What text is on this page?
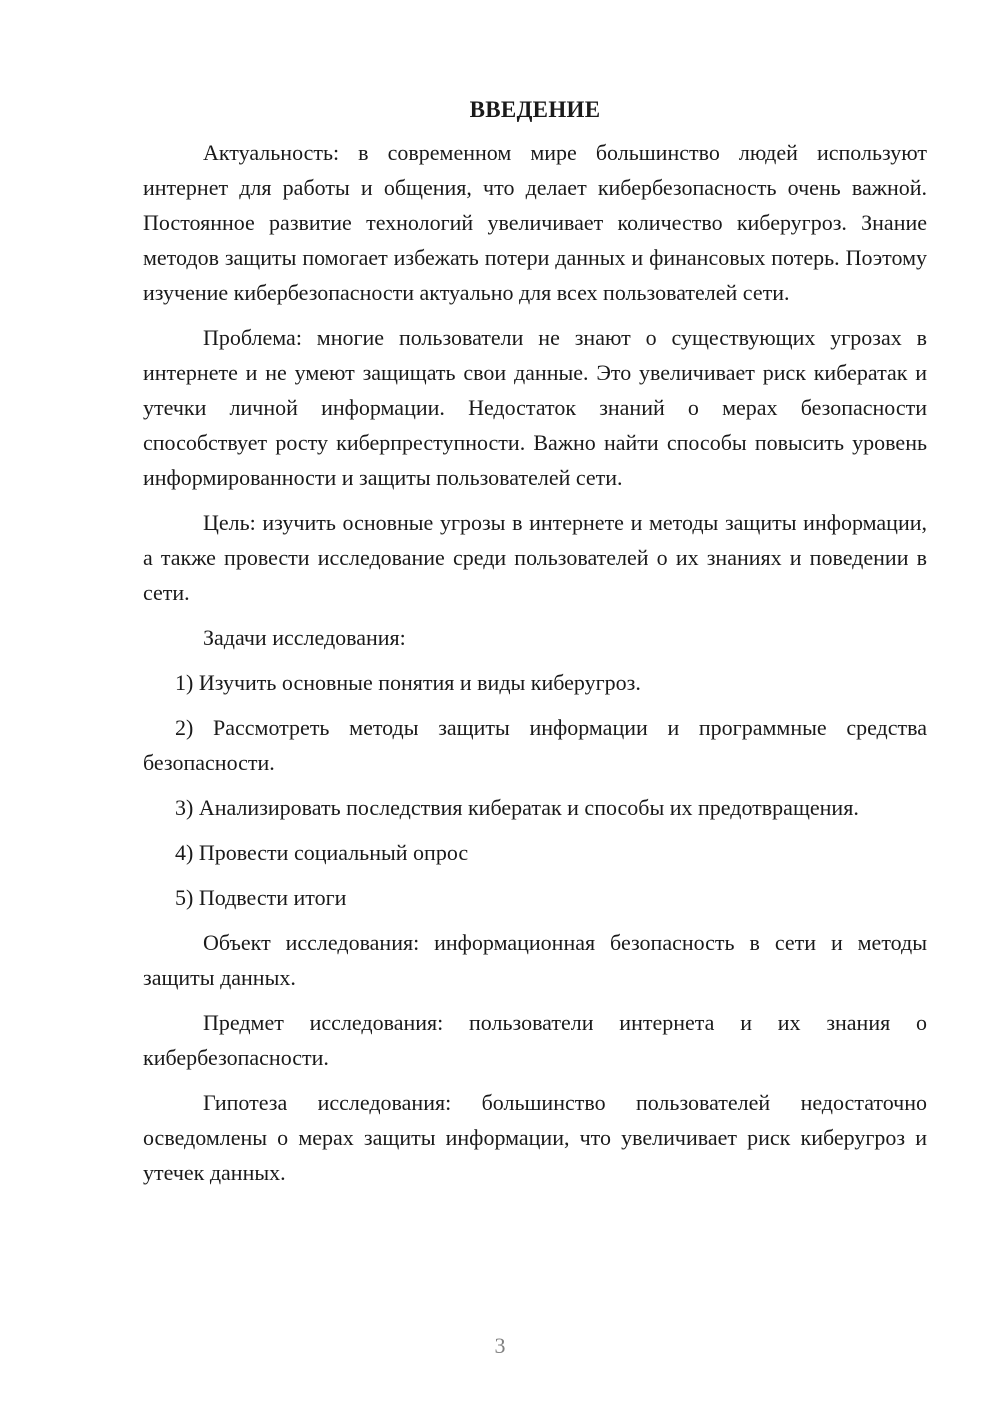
ВВЕДЕНИЕ

Актуальность: в современном мире большинство людей используют интернет для работы и общения, что делает кибербезопасность очень важной. Постоянное развитие технологий увеличивает количество киберугроз. Знание методов защиты помогает избежать потери данных и финансовых потерь. Поэтому изучение кибербезопасности актуально для всех пользователей сети.

Проблема: многие пользователи не знают о существующих угрозах в интернете и не умеют защищать свои данные. Это увеличивает риск кибератак и утечки личной информации. Недостаток знаний о мерах безопасности способствует росту киберпреступности. Важно найти способы повысить уровень информированности и защиты пользователей сети.

Цель: изучить основные угрозы в интернете и методы защиты информации, а также провести исследование среди пользователей о их знаниях и поведении в сети.

Задачи исследования:

1) Изучить основные понятия и виды киберугроз.

2) Рассмотреть методы защиты информации и программные средства безопасности.

3) Анализировать последствия кибератак и способы их предотвращения.

4) Провести социальный опрос

5) Подвести итоги

Объект исследования: информационная безопасность в сети и методы защиты данных.

Предмет исследования: пользователи интернета и их знания о кибербезопасности.

Гипотеза исследования: большинство пользователей недостаточно осведомлены о мерах защиты информации, что увеличивает риск киберугроз и утечек данных.

3
